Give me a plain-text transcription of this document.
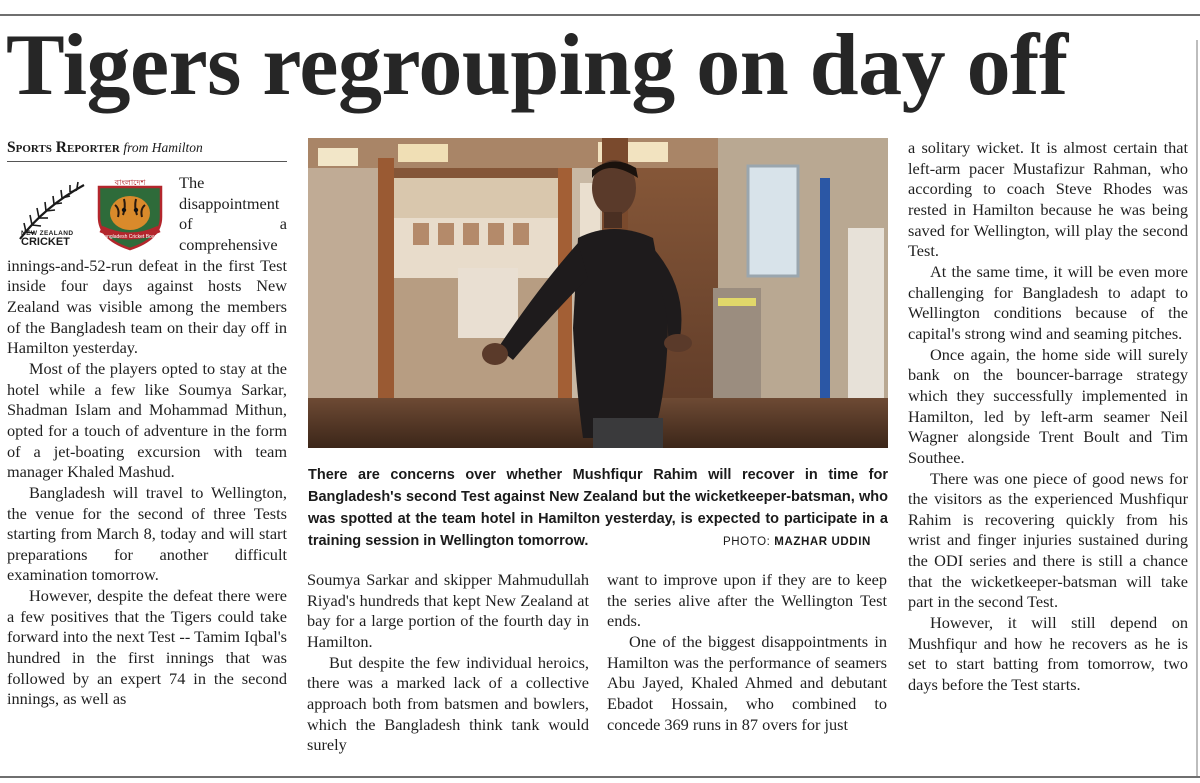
Tigers regrouping on day off
Sports Reporter from Hamilton
NEW ZEALAND
CRICKET	Bangladesh Cricket Board
বাংলাদেশ	The disappointment of a comprehensive innings-and-52-run defeat in the first Test inside four days against hosts New Zealand was visible among the members of the Bangladesh team on their day off in Hamilton yesterday.

Most of the players opted to stay at the hotel while a few like Soumya Sarkar, Shadman Islam and Mohammad Mithun, opted for a touch of adventure in the form of a jet-boating excursion with team manager Khaled Mashud.

Bangladesh will travel to Wellington, the venue for the second of three Tests starting from March 8, today and will start preparations for another difficult examination tomorrow.

However, despite the defeat there were a few positives that the Tigers could take forward into the next Test -- Tamim Iqbal's hundred in the first innings that was followed by an expert 74 in the second innings, as well as

There are concerns over whether Mushfiqur Rahim will recover in time for Bangladesh's second Test against New Zealand but the wicketkeeper-batsman, who was spotted at the team hotel in Hamilton yesterday, is expected to participate in a training session in Wellington tomorrow.	PHOTO: MAZHAR UDDIN

Soumya Sarkar and skipper Mahmudullah Riyad's hundreds that kept New Zealand at bay for a large portion of the fourth day in Hamilton.

But despite the few individual heroics, there was a marked lack of a collective approach both from batsmen and bowlers, which the Bangladesh think tank would surely

want to improve upon if they are to keep the series alive after the Wellington Test ends.

One of the biggest disappointments in Hamilton was the performance of seamers Abu Jayed, Khaled Ahmed and debutant Ebadot Hossain, who combined to concede 369 runs in 87 overs for just

a solitary wicket. It is almost certain that left-arm pacer Mustafizur Rahman, who according to coach Steve Rhodes was rested in Hamilton because he was being saved for Wellington, will play the second Test.

At the same time, it will be even more challenging for Bangladesh to adapt to Wellington conditions because of the capital's strong wind and seaming pitches.

Once again, the home side will surely bank on the bouncer-barrage strategy which they successfully implemented in Hamilton, led by left-arm seamer Neil Wagner alongside Trent Boult and Tim Southee.

There was one piece of good news for the visitors as the experienced Mushfiqur Rahim is recovering quickly from his wrist and finger injuries sustained during the ODI series and there is still a chance that the wicketkeeper-batsman will take part in the second Test.

However, it will still depend on Mushfiqur and how he recovers as he is set to start batting from tomorrow, two days before the Test starts.
